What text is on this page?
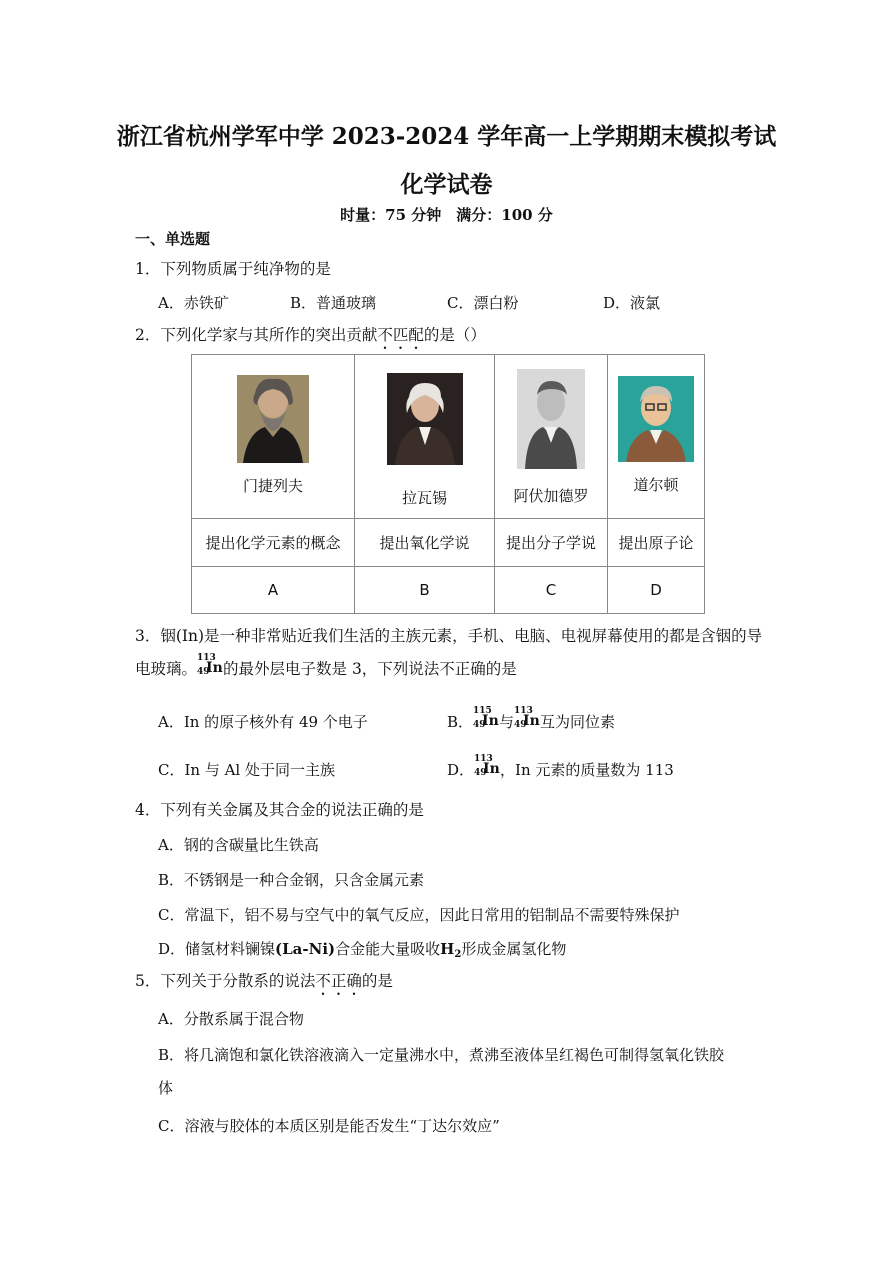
浙江省杭州学军中学 2023-2024 学年高一上学期期末模拟考试
化学试卷
时量：75 分钟　满分：100 分
一、单选题
1．下列物质属于纯净物的是
A．赤铁矿	B．普通玻璃	C．漂白粉	D．液氯
2．下列化学家与其所作的突出贡献不匹配的是（）
门捷列夫	拉瓦锡	阿伏加德罗	道尔顿

提出化学元素的概念	提出氧化学说	提出分子学说	提出原子论
A	B	C	D
3．铟(In)是一种非常贴近我们生活的主族元素，手机、电脑、电视屏幕使用的都是含铟的导
电玻璃。
113
49
In 的最外层电子数是 3，下列说法不正确的是
A．In 的原子核外有 49 个电子	B．
115
49
In 与
113
49
In 互为同位素
C．In 与 Al 处于同一主族	D．
113
49
In ，In 元素的质量数为 113
4．下列有关金属及其合金的说法正确的是
A．钢的含碳量比生铁高
B．不锈钢是一种合金钢，只含金属元素
C．常温下，铝不易与空气中的氧气反应，因此日常用的铝制品不需要特殊保护
D．储氢材料镧镍(La-Ni)合金能大量吸收$H_2$形成金属氢化物
5．下列关于分散系的说法不正确的是
A．分散系属于混合物
B．将几滴饱和氯化铁溶液滴入一定量沸水中，煮沸至液体呈红褐色可制得氢氧化铁胶
体
C．溶液与胶体的本质区别是能否发生“丁达尔效应”
